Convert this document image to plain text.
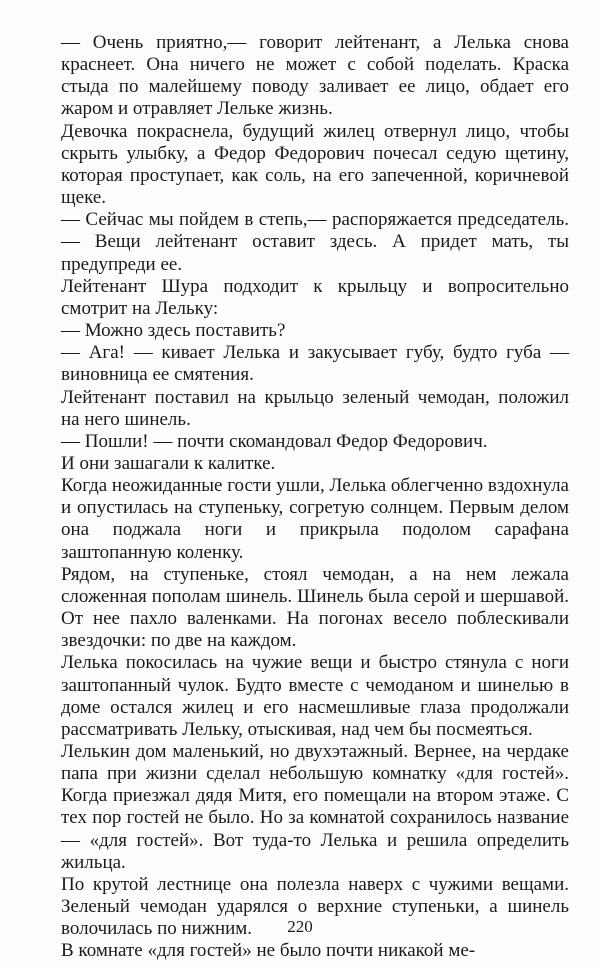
— Очень приятно,— говорит лейтенант, а Лелька снова краснеет. Она ничего не может с собой поделать. Краска стыда по малейшему поводу заливает ее лицо, обдает его жаром и отравляет Лельке жизнь.

Девочка покраснела, будущий жилец отвернул лицо, чтобы скрыть улыбку, а Федор Федорович почесал седую щетину, которая проступает, как соль, на его запеченной, коричневой щеке.

— Сейчас мы пойдем в степь,— распоряжается председатель.— Вещи лейтенант оставит здесь. А придет мать, ты предупреди ее.

Лейтенант Шура подходит к крыльцу и вопросительно смотрит на Лельку:

— Можно здесь поставить?

— Ага! — кивает Лелька и закусывает губу, будто губа — виновница ее смятения.

Лейтенант поставил на крыльцо зеленый чемодан, положил на него шинель.

— Пошли! — почти скомандовал Федор Федорович.

И они зашагали к калитке.

Когда неожиданные гости ушли, Лелька облегченно вздохнула и опустилась на ступеньку, согретую солнцем. Первым делом она поджала ноги и прикрыла подолом сарафана заштопанную коленку.

Рядом, на ступеньке, стоял чемодан, а на нем лежала сложенная пополам шинель. Шинель была серой и шершавой. От нее пахло валенками. На погонах весело поблескивали звездочки: по две на каждом.

Лелька покосилась на чужие вещи и быстро стянула с ноги заштопанный чулок. Будто вместе с чемоданом и шинелью в доме остался жилец и его насмешливые глаза продолжали рассматривать Лельку, отыскивая, над чем бы посмеяться.

Лелькин дом маленький, но двухэтажный. Вернее, на чердаке папа при жизни сделал небольшую комнатку «для гостей». Когда приезжал дядя Митя, его помещали на втором этаже. С тех пор гостей не было. Но за комнатой сохранилось название — «для гостей». Вот туда-то Лелька и решила определить жильца.

По крутой лестнице она полезла наверх с чужими вещами. Зеленый чемодан ударялся о верхние ступеньки, а шинель волочилась по нижним.

В комнате «для гостей» не было почти никакой ме-

220
